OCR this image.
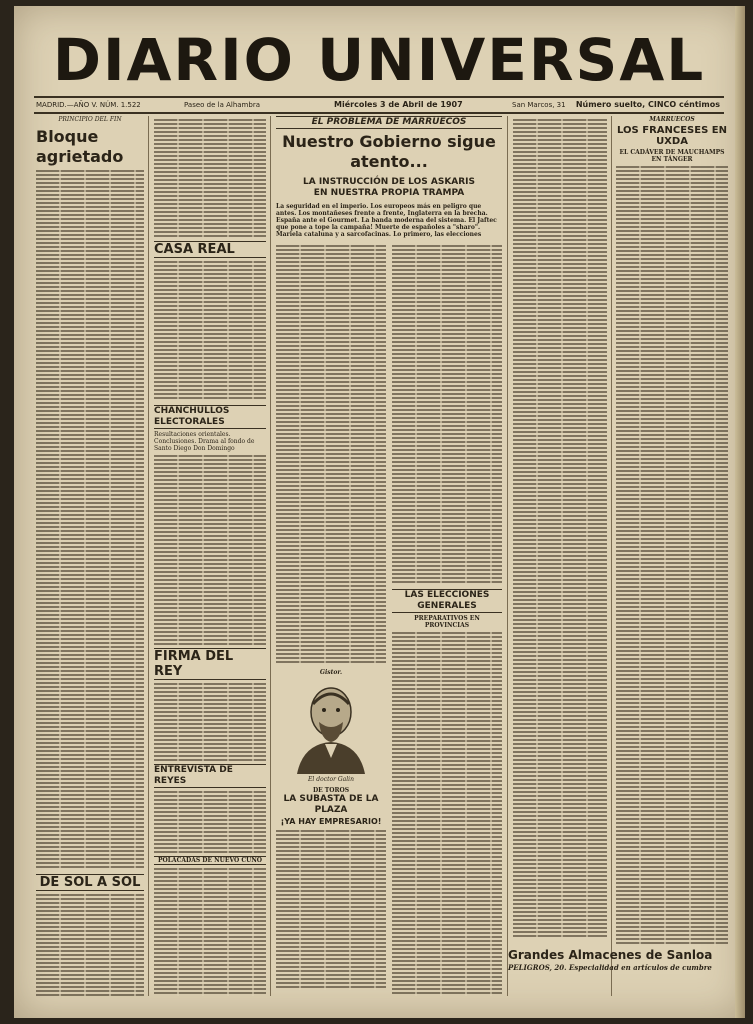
DIARIO UNIVERSAL
MADRID.—AÑO V. NÚM. 1.522	Paseo de la Alhambra	Miércoles 3 de Abril de 1907	San Marcos, 31 Número suelto, CINCO céntimos
PRINCIPIO DEL FIN
Bloque agrietado
DE SOL A SOL
CASA REAL
CHANCHULLOS ELECTORALES
Resultaciones orientales. Conclusiones. Drama al fondo de Santo Diego Don Domingo
FIRMA DEL REY
ENTREVISTA DE REYES
POLACADAS DE NUEVO CUÑO
EL PROBLEMA DE MARRUECOS
Nuestro Gobierno sigue atento...
LA INSTRUCCIÓN DE LOS ASKARIS
EN NUESTRA PROPIA TRAMPA
La seguridad en el imperio. Los europeos más en peligro que antes. Los montañeses frente a frente, Inglaterra en la brecha. España ante el Gourmet. La banda moderna del sistema. El Jaftec que pone a tope la campaña! Muerte de españoles a "sharo". Mariela cataluna y a sarcofacinas. Lo primero, las elecciones
Gistor.
El doctor Galin
DE TOROS
LA SUBASTA DE LA PLAZA
¡YA HAY EMPRESARIO!
LAS ELECCIONES GENERALES
PREPARATIVOS EN PROVINCIAS
MARRUECOS
LOS FRANCESES EN UXDA
EL CADÁVER DE MAUCHAMPS EN TÁNGER
Grandes Almacenes de Sanloa
PELIGROS, 20. Especialidad en artículos de cumbre
